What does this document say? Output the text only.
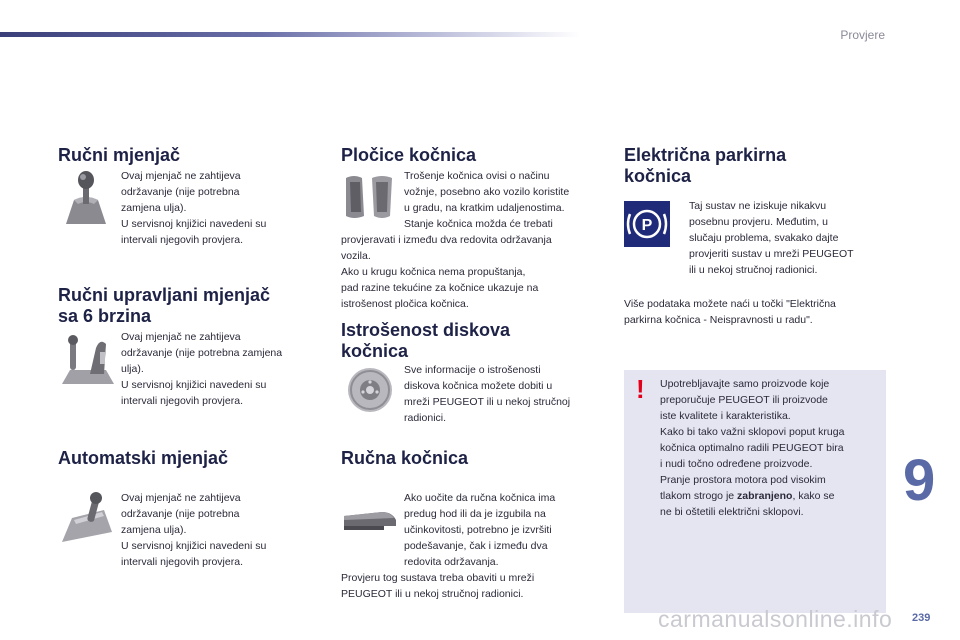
Provjere
Ručni mjenjač

Ovaj mjenjač ne zahtijeva
održavanje (nije potrebna
zamjena ulja).
U servisnoj knjižici navedeni su
intervali njegovih provjera.

Ručni upravljani mjenjač
sa 6 brzina

Ovaj mjenjač ne zahtijeva
održavanje (nije potrebna zamjena
ulja).
U servisnoj knjižici navedeni su
intervali njegovih provjera.

Automatski mjenjač

Ovaj mjenjač ne zahtijeva
održavanje (nije potrebna
zamjena ulja).
U servisnoj knjižici navedeni su
intervali njegovih provjera.

Pločice kočnica

Trošenje kočnica ovisi o načinu
vožnje, posebno ako vozilo koristite
u gradu, na kratkim udaljenostima.
Stanje kočnica možda će trebati
provjeravati i između dva redovita održavanja
vozila.
Ako u krugu kočnica nema propuštanja,
pad razine tekućine za kočnice ukazuje na
istrošenost pločica kočnica.

Istrošenost diskova
kočnica

Sve informacije o istrošenosti
diskova kočnica možete dobiti u
mreži PEUGEOT ili u nekoj stručnoj
radionici.

Ručna kočnica

Ako uočite da ručna kočnica ima
predug hod ili da je izgubila na
učinkovitosti, potrebno je izvršiti
podešavanje, čak i između dva
redovita održavanja.
Provjeru tog sustava treba obaviti u mreži
PEUGEOT ili u nekoj stručnoj radionici.

Električna parkirna
kočnica
P

Taj sustav ne iziskuje nikakvu
posebnu provjeru. Međutim, u
slučaju problema, svakako dajte
provjeriti sustav u mreži PEUGEOT
ili u nekoj stručnoj radionici.

Više podataka možete naći u točki "Električna
parkirna kočnica - Neispravnosti u radu".

! Upotrebljavajte samo proizvode koje
preporučuje PEUGEOT ili proizvode
iste kvalitete i karakteristika.
Kako bi tako važni sklopovi poput kruga
kočnica optimalno radili PEUGEOT bira
i nudi točno određene proizvode.
Pranje prostora motora pod visokim
tlakom strogo je zabranjeno, kako se
ne bi oštetili električni sklopovi.	9
239
carmanualsonline.info
